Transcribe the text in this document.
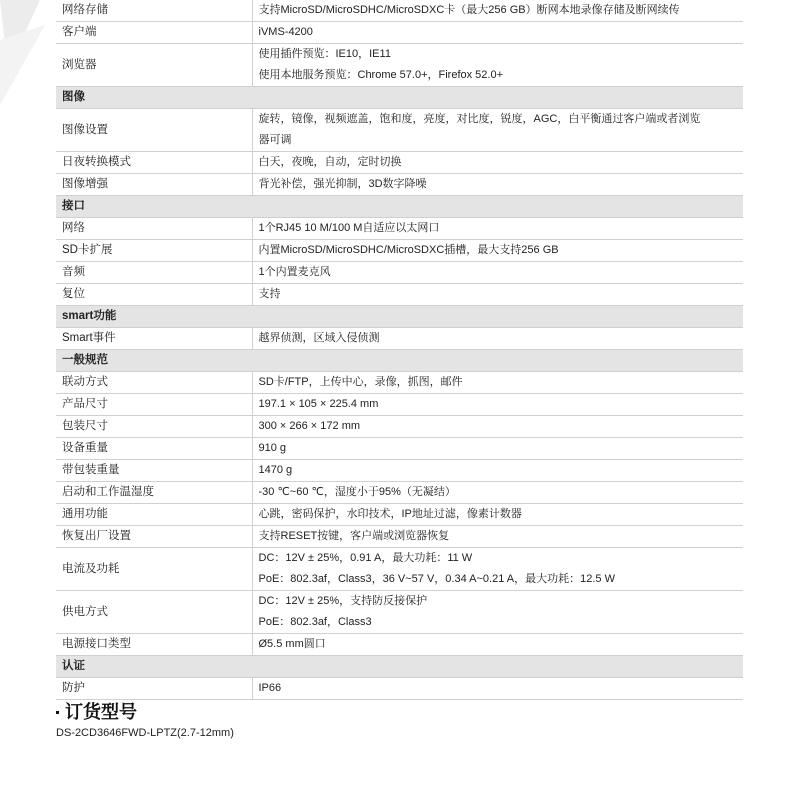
网络存储	支持MicroSD/MicroSDHC/MicroSDXC卡（最大256 GB）断网本地录像存储及断网续传

客户端	iVMS-4200

浏览器	使用插件预览：IE10，IE11
使用本地服务预览：Chrome 57.0+，Firefox 52.0+

图像	
图像设置	旋转，镜像，视频遮盖，饱和度，亮度，对比度，锐度，AGC，白平衡通过客户端或者浏览
器可调

日夜转换模式	白天，夜晚，自动，定时切换

图像增强	背光补偿，强光抑制，3D数字降噪

接口	
网络	1个RJ45 10 M/100 M自适应以太网口

SD卡扩展	内置MicroSD/MicroSDHC/MicroSDXC插槽，最大支持256 GB

音频	1个内置麦克风

复位	支持

smart功能	
Smart事件	越界侦测，区域入侵侦测

一般规范	
联动方式	SD卡/FTP，上传中心，录像，抓图，邮件

产品尺寸	197.1 × 105 × 225.4 mm

包装尺寸	300 × 266 × 172 mm

设备重量	910 g

带包装重量	1470 g

启动和工作温湿度	-30 ℃~60 ℃，湿度小于95%（无凝结）

通用功能	心跳，密码保护，水印技术，IP地址过滤，像素计数器

恢复出厂设置	支持RESET按键，客户端或浏览器恢复

电流及功耗	DC：12V ± 25%，0.91 A，最大功耗：11 W
PoE：802.3af，Class3，36 V~57 V，0.34 A~0.21 A，最大功耗：12.5 W

供电方式	DC：12V ± 25%，支持防反接保护
PoE：802.3af，Class3

电源接口类型	Ø5.5 mm圆口

认证	
防护	IP66
订货型号
DS-2CD3646FWD-LPTZ(2.7-12mm)
